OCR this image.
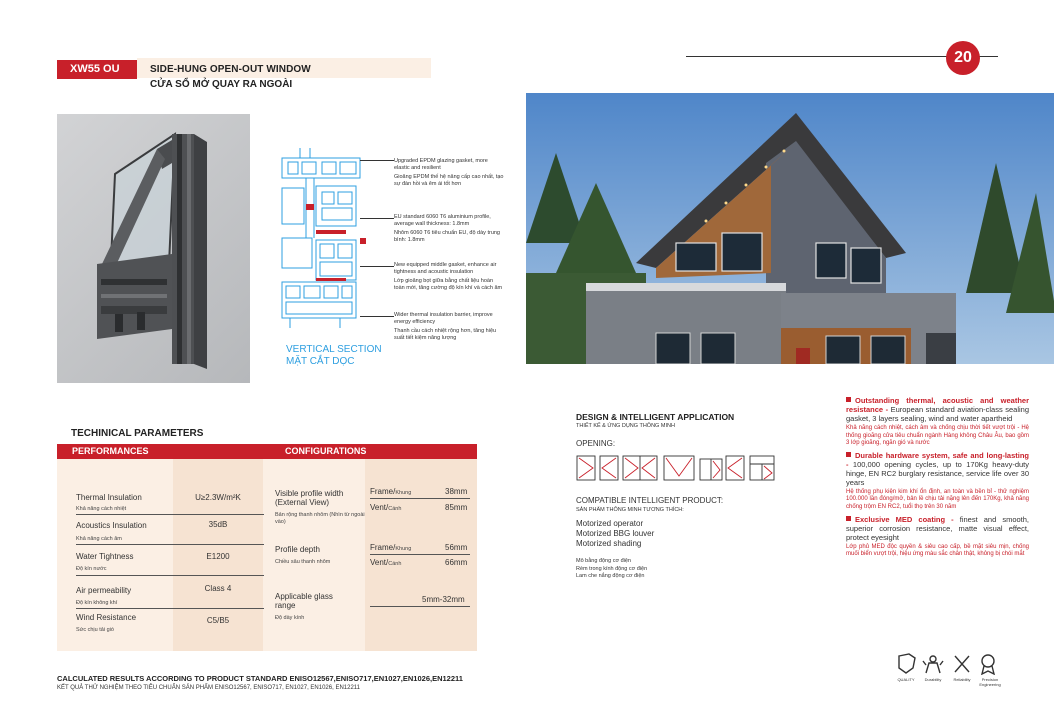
XW55 OU	SIDE-HUNG OPEN-OUT WINDOW
CỬA SỔ MỞ QUAY RA NGOÀI
20
VERTICAL SECTION
MẶT CẮT DỌC
Upgraded EPDM glazing gasket, more elastic and resilient
Gioăng EPDM thế hệ nâng cấp cao nhất, tạo sự đàn hồi và êm ái tốt hơn
EU standard 6060 T6 aluminium profile, average wall thickness: 1.8mm
Nhôm 6060 T6 tiêu chuẩn EU, độ dày trung bình: 1.8mm
New equipped middle gasket, enhance air tightness and acoustic insulation
Lớp gioăng bọt giữa bằng chất liệu hoàn toàn mới, tăng cường độ kín khí và cách âm
Wider thermal insulation barrier, improve energy efficiency
Thanh cầu cách nhiệt rộng hơn, tăng hiệu suất tiết kiệm năng lượng
TECHINICAL PARAMETERS
PERFORMANCES	CONFIGURATIONS
Thermal Insulation
Khả năng cách nhiệt
U≥2.3W/m²K
Acoustics Insulation
Khả năng cách âm
35dB
Water Tightness
Độ kín nước
E1200
Air permeability
Độ kín không khí
Class 4
Wind Resistance
Sức chịu tải gió
C5/B5
Visible profile width (External View)
Bản rộng thanh nhôm (Nhìn từ ngoài vào)
Frame/Khung	38mm
Vent/Cánh	85mm
Profile depth
Chiều sâu thanh nhôm
Frame/Khung	56mm
Vent/Cánh	66mm
Applicable glass range
Độ dày kính
5mm-32mm
DESIGN & INTELLIGENT APPLICATION
THIẾT KẾ & ỨNG DỤNG THÔNG MINH
OPENING:
COMPATIBLE INTELLIGENT PRODUCT:
SẢN PHẨM THÔNG MINH TƯƠNG THÍCH:
Motorized operator
Motorized BBG louver
Motorized shading
Mô bằng động cơ điện
Rèm trong kính động cơ điện
Lam che nắng động cơ điện
Outstanding thermal, acoustic and weather resistance - European standard aviation-class sealing gasket, 3 layers sealing, wind and water apartheid
Khả năng cách nhiệt, cách âm và chống chịu thời tiết vượt trội - Hệ thống gioăng cửa tiêu chuẩn ngành Hàng không Châu Âu, bao gồm 3 lớp gioăng, ngăn gió và nước
Durable hardware system, safe and long-lasting - 100,000 opening cycles, up to 170Kg heavy-duty hinge, EN RC2 burglary resistance, service life over 30 years
Hệ thống phụ kiện kim khí ổn định, an toàn và bền bỉ - thử nghiệm 100.000 lần đóng/mở, bản lề chịu tải nặng lên đến 170Kg, khả năng chống trộm EN RC2, tuổi thọ trên 30 năm
Exclusive MED coating - finest and smooth, superior corrosion resistance, matte visual effect, protect eyesight
Lớp phủ MED độc quyền & siêu cao cấp, bề mặt siêu mịn, chống muối biển vượt trội, hiệu ứng màu sắc chân thật, không bị chói mắt
QUALITY	Durability	Reliability	Precision Engineering
CALCULATED RESULTS ACCORDING TO PRODUCT STANDARD ENISO12567,ENISO717,EN1027,EN1026,EN12211
KẾT QUẢ THỬ NGHIỆM THEO TIÊU CHUẨN SẢN PHẨM ENISO12567, ENISO717, EN1027, EN1026, EN12211
